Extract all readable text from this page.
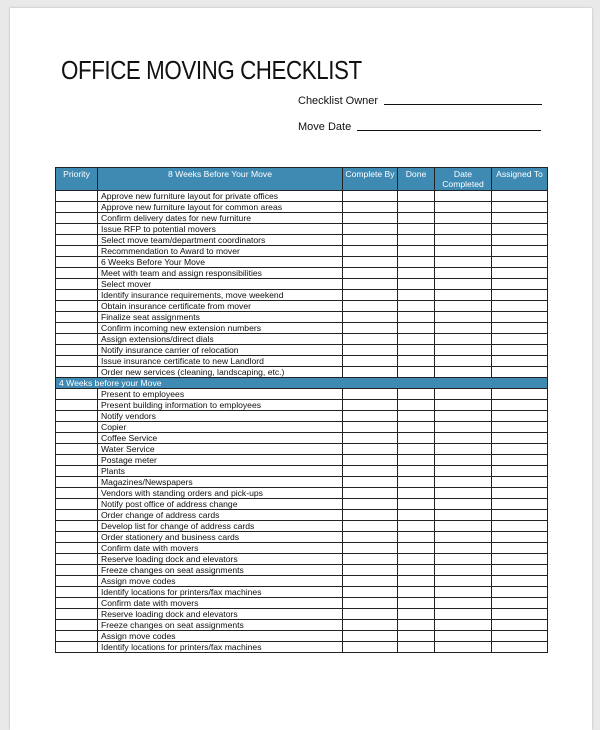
OFFICE MOVING CHECKLIST
Checklist Owner
Move Date
Priority	8 Weeks Before Your Move	Complete By	Done	Date Completed	Assigned To
	Approve new furniture layout for private offices				
	Approve new furniture layout for common areas				
	Confirm delivery dates for new furniture				
	Issue RFP to potential movers				
	Select move team/department coordinators				
	Recommendation to Award to mover				
	6 Weeks Before Your Move				
	Meet with team and assign responsibilities				
	Select mover				
	Identify insurance requirements, move weekend				
	Obtain insurance certificate from mover				
	Finalize seat assignments				
	Confirm incoming new extension numbers				
	Assign extensions/direct dials				
	Notify insurance carrier of relocation				
	Issue insurance certificate to new Landlord				
	Order new services (cleaning, landscaping, etc.)				
4 Weeks before your Move					
	Present to employees				
	Present building information to employees				
	Notify vendors				
	Copier				
	Coffee Service				
	Water Service				
	Postage meter				
	Plants				
	Magazines/Newspapers				
	Vendors with standing orders and pick-ups				
	Notify post office of address change				
	Order change of address cards				
	Develop list for change of address cards				
	Order stationery and business cards				
	Confirm date with movers				
	Reserve loading dock and elevators				
	Freeze changes on seat assignments				
	Assign move codes				
	Identify locations for printers/fax machines				
	Confirm date with movers				
	Reserve loading dock and elevators				
	Freeze changes on seat assignments				
	Assign move codes				
	Identify locations for printers/fax machines				
